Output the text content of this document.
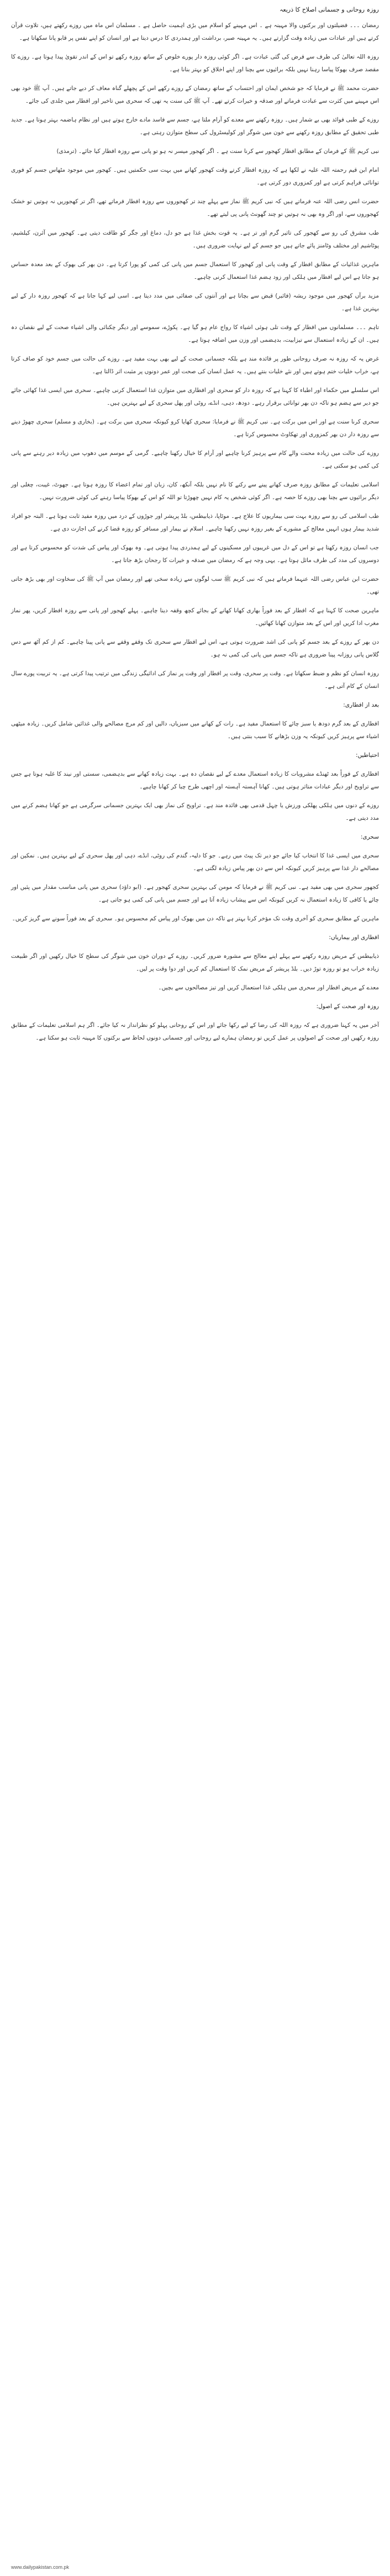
روزہ روحانی و جسمانی اصلاح کا ذریعہ

رمضان ۔۔۔ فضیلتوں اور برکتوں والا مہینہ ہے ۔ اس مہینے کو اسلام میں بڑی اہمیت حاصل ہے ۔ مسلمان اس ماہ میں روزے رکھتے ہیں، تلاوت قرآن کرتے ہیں اور عبادات میں زیادہ وقت گزارتے ہیں۔ یہ مہینہ صبر، برداشت اور ہمدردی کا درس دیتا ہے اور انسان کو اپنے نفس پر قابو پانا سکھاتا ہے۔

روزہ اللہ تعالیٰ کی طرف سے فرض کی گئی عبادت ہے۔ اگر کوئی روزہ دار پورے خلوص کے ساتھ روزہ رکھے تو اس کے اندر تقویٰ پیدا ہوتا ہے۔ روزے کا مقصد صرف بھوکا پیاسا رہنا نہیں بلکہ برائیوں سے بچنا اور اپنے اخلاق کو بہتر بنانا ہے۔

حضرت محمد ﷺ نے فرمایا کہ جو شخص ایمان اور احتساب کے ساتھ رمضان کے روزے رکھے اس کے پچھلے گناہ معاف کر دیے جاتے ہیں۔ آپ ﷺ خود بھی اس مہینے میں کثرت سے عبادت فرماتے اور صدقہ و خیرات کرتے تھے۔ آپ ﷺ کی سنت یہ تھی کہ سحری میں تاخیر اور افطار میں جلدی کی جائے۔

روزے کے طبی فوائد بھی بے شمار ہیں۔ روزہ رکھنے سے معدے کو آرام ملتا ہے، جسم سے فاسد مادے خارج ہوتے ہیں اور نظام ہاضمہ بہتر ہوتا ہے۔ جدید طبی تحقیق کے مطابق روزہ رکھنے سے خون میں شوگر اور کولیسٹرول کی سطح متوازن رہتی ہے۔

نبی کریم ﷺ کے فرمان کے مطابق افطار کھجور سے کرنا سنت ہے ۔ اگر کھجور میسر نہ ہو تو پانی سے روزہ افطار کیا جائے۔ (ترمذی)

امام ابن قیم رحمتہ اللہ علیہ نے لکھا ہے کہ روزہ افطار کرتے وقت کھجور کھانے میں بہت سی حکمتیں ہیں۔ کھجور میں موجود مٹھاس جسم کو فوری توانائی فراہم کرتی ہے اور کمزوری دور کرتی ہے۔

حضرت انس رضی اللہ عنہ فرماتے ہیں کہ نبی کریم ﷺ نماز سے پہلے چند تر کھجوروں سے روزہ افطار فرماتے تھے، اگر تر کھجوریں نہ ہوتیں تو خشک کھجوروں سے، اور اگر وہ بھی نہ ہوتیں تو چند گھونٹ پانی پی لیتے تھے۔

طب مشرق کی رو سے کھجور کی تاثیر گرم اور تر ہے۔ یہ قوت بخش غذا ہے جو دل، دماغ اور جگر کو طاقت دیتی ہے۔ کھجور میں آئرن، کیلشیم، پوٹاشیم اور مختلف وٹامنز پائے جاتے ہیں جو جسم کے لیے نہایت ضروری ہیں۔

ماہرین غذائیات کے مطابق افطار کے وقت پانی اور کھجور کا استعمال جسم میں پانی کی کمی کو پورا کرتا ہے۔ دن بھر کی بھوک کے بعد معدہ حساس ہو جاتا ہے اس لیے افطار میں ہلکی اور زود ہضم غذا استعمال کرنی چاہیے۔

مزید برآں کھجور میں موجود ریشہ (فائبر) قبض سے بچاتا ہے اور آنتوں کی صفائی میں مدد دیتا ہے۔ اسی لیے کہا جاتا ہے کہ کھجور روزہ دار کے لیے بہترین غذا ہے۔

تاہم ۔۔۔ مسلمانوں میں افطار کے وقت تلی ہوئی اشیاء کا رواج عام ہو گیا ہے۔ پکوڑے، سموسے اور دیگر چکنائی والی اشیاء صحت کے لیے نقصان دہ ہیں۔ ان کے زیادہ استعمال سے تیزابیت، بدہضمی اور وزن میں اضافہ ہوتا ہے۔

غرض یہ کہ روزہ نہ صرف روحانی طور پر فائدہ مند ہے بلکہ جسمانی صحت کے لیے بھی بہت مفید ہے۔ روزے کی حالت میں جسم خود کو صاف کرتا ہے، خراب خلیات ختم ہوتے ہیں اور نئے خلیات بنتے ہیں۔ یہ عمل انسان کی صحت اور عمر دونوں پر مثبت اثر ڈالتا ہے۔

اس سلسلے میں حکماء اور اطباء کا کہنا ہے کہ روزہ دار کو سحری اور افطاری میں متوازن غذا استعمال کرنی چاہیے۔ سحری میں ایسی غذا کھائی جائے جو دیر سے ہضم ہو تاکہ دن بھر توانائی برقرار رہے۔ دودھ، دہی، انڈے، روٹی اور پھل سحری کے لیے بہترین ہیں۔

سحری کرنا سنت ہے اور اس میں برکت ہے۔ نبی کریم ﷺ نے فرمایا: سحری کھایا کرو کیونکہ سحری میں برکت ہے۔ (بخاری و مسلم) سحری چھوڑ دینے سے روزہ دار دن بھر کمزوری اور تھکاوٹ محسوس کرتا ہے۔

روزے کی حالت میں زیادہ محنت والے کام سے پرہیز کرنا چاہیے اور آرام کا خیال رکھنا چاہیے۔ گرمی کے موسم میں دھوپ میں زیادہ دیر رہنے سے پانی کی کمی ہو سکتی ہے۔

اسلامی تعلیمات کے مطابق روزہ صرف کھانے پینے سے رکنے کا نام نہیں بلکہ آنکھ، کان، زبان اور تمام اعضاء کا روزہ ہوتا ہے۔ جھوٹ، غیبت، چغلی اور دیگر برائیوں سے بچنا بھی روزے کا حصہ ہے۔ اگر کوئی شخص یہ کام نہیں چھوڑتا تو اللہ کو اس کے بھوکا پیاسا رہنے کی کوئی ضرورت نہیں۔

طب اسلامی کی رو سے روزہ بہت سی بیماریوں کا علاج ہے۔ موٹاپا، ذیابیطس، بلڈ پریشر اور جوڑوں کے درد میں روزہ مفید ثابت ہوتا ہے۔ البتہ جو افراد شدید بیمار ہوں انہیں معالج کے مشورے کے بغیر روزہ نہیں رکھنا چاہیے۔ اسلام نے بیمار اور مسافر کو روزہ قضا کرنے کی اجازت دی ہے۔

جب انسان روزہ رکھتا ہے تو اس کے دل میں غریبوں اور مسکینوں کے لیے ہمدردی پیدا ہوتی ہے۔ وہ بھوک اور پیاس کی شدت کو محسوس کرتا ہے اور دوسروں کی مدد کی طرف مائل ہوتا ہے۔ یہی وجہ ہے کہ رمضان میں صدقہ و خیرات کا رجحان بڑھ جاتا ہے۔

حضرت ابن عباس رضی اللہ عنہما فرماتے ہیں کہ نبی کریم ﷺ سب لوگوں سے زیادہ سخی تھے اور رمضان میں آپ ﷺ کی سخاوت اور بھی بڑھ جاتی تھی۔

ماہرین صحت کا کہنا ہے کہ افطار کے بعد فوراً بھاری کھانا کھانے کے بجائے کچھ وقفہ دینا چاہیے۔ پہلے کھجور اور پانی سے روزہ افطار کریں، پھر نماز مغرب ادا کریں اور اس کے بعد متوازن کھانا کھائیں۔

دن بھر کے روزے کے بعد جسم کو پانی کی اشد ضرورت ہوتی ہے، اس لیے افطار سے سحری تک وقفے وقفے سے پانی پینا چاہیے۔ کم از کم آٹھ سے دس گلاس پانی روزانہ پینا ضروری ہے تاکہ جسم میں پانی کی کمی نہ ہو۔

روزہ انسان کو نظم و ضبط سکھاتا ہے۔ وقت پر سحری، وقت پر افطار اور وقت پر نماز کی ادائیگی زندگی میں ترتیب پیدا کرتی ہے۔ یہ تربیت پورے سال انسان کے کام آتی ہے۔

بعد از افطاری:

افطاری کے بعد گرم دودھ یا سبز چائے کا استعمال مفید ہے۔ رات کے کھانے میں سبزیاں، دالیں اور کم مرچ مصالحے والی غذائیں شامل کریں۔ زیادہ میٹھی اشیاء سے پرہیز کریں کیونکہ یہ وزن بڑھانے کا سبب بنتی ہیں۔

احتیاطیں:

افطاری کے فوراً بعد ٹھنڈے مشروبات کا زیادہ استعمال معدے کے لیے نقصان دہ ہے۔ بہت زیادہ کھانے سے بدہضمی، سستی اور نیند کا غلبہ ہوتا ہے جس سے تراویح اور دیگر عبادات متاثر ہوتی ہیں۔ کھانا آہستہ آہستہ اور اچھی طرح چبا کر کھانا چاہیے۔

روزے کے دنوں میں ہلکی پھلکی ورزش یا چہل قدمی بھی فائدہ مند ہے۔ تراویح کی نماز بھی ایک بہترین جسمانی سرگرمی ہے جو کھانا ہضم کرنے میں مدد دیتی ہے۔

سحری:

سحری میں ایسی غذا کا انتخاب کیا جائے جو دیر تک پیٹ میں رہے۔ جو کا دلیہ، گندم کی روٹی، انڈے، دہی اور پھل سحری کے لیے بہترین ہیں۔ نمکین اور مصالحے دار غذا سے پرہیز کریں کیونکہ اس سے دن بھر پیاس زیادہ لگتی ہے۔

کجھور سحری میں بھی مفید ہے۔ نبی کریم ﷺ نے فرمایا کہ مومن کی بہترین سحری کھجور ہے۔ (ابو داؤد) سحری میں پانی مناسب مقدار میں پئیں اور چائے یا کافی کا زیادہ استعمال نہ کریں کیونکہ اس سے پیشاب زیادہ آتا ہے اور جسم میں پانی کی کمی ہو جاتی ہے۔

ماہرین کے مطابق سحری کو آخری وقت تک مؤخر کرنا بہتر ہے تاکہ دن میں بھوک اور پیاس کم محسوس ہو۔ سحری کے بعد فوراً سونے سے گریز کریں۔

افطاری اور بیماریاں:

ذیابیطس کے مریض روزہ رکھنے سے پہلے اپنے معالج سے مشورہ ضرور کریں۔ روزے کے دوران خون میں شوگر کی سطح کا خیال رکھیں اور اگر طبیعت زیادہ خراب ہو تو روزہ توڑ دیں۔ بلڈ پریشر کے مریض نمک کا استعمال کم کریں اور دوا وقت پر لیں۔

معدے کے مریض افطار اور سحری میں ہلکی غذا استعمال کریں اور تیز مصالحوں سے بچیں۔

روزہ اور صحت کے اصول:

آخر میں یہ کہنا ضروری ہے کہ روزہ اللہ کی رضا کے لیے رکھا جائے اور اس کے روحانی پہلو کو نظرانداز نہ کیا جائے۔ اگر ہم اسلامی تعلیمات کے مطابق روزہ رکھیں اور صحت کے اصولوں پر عمل کریں تو رمضان ہمارے لیے روحانی اور جسمانی دونوں لحاظ سے برکتوں کا مہینہ ثابت ہو سکتا ہے۔

www.dailypakistan.com.pk
